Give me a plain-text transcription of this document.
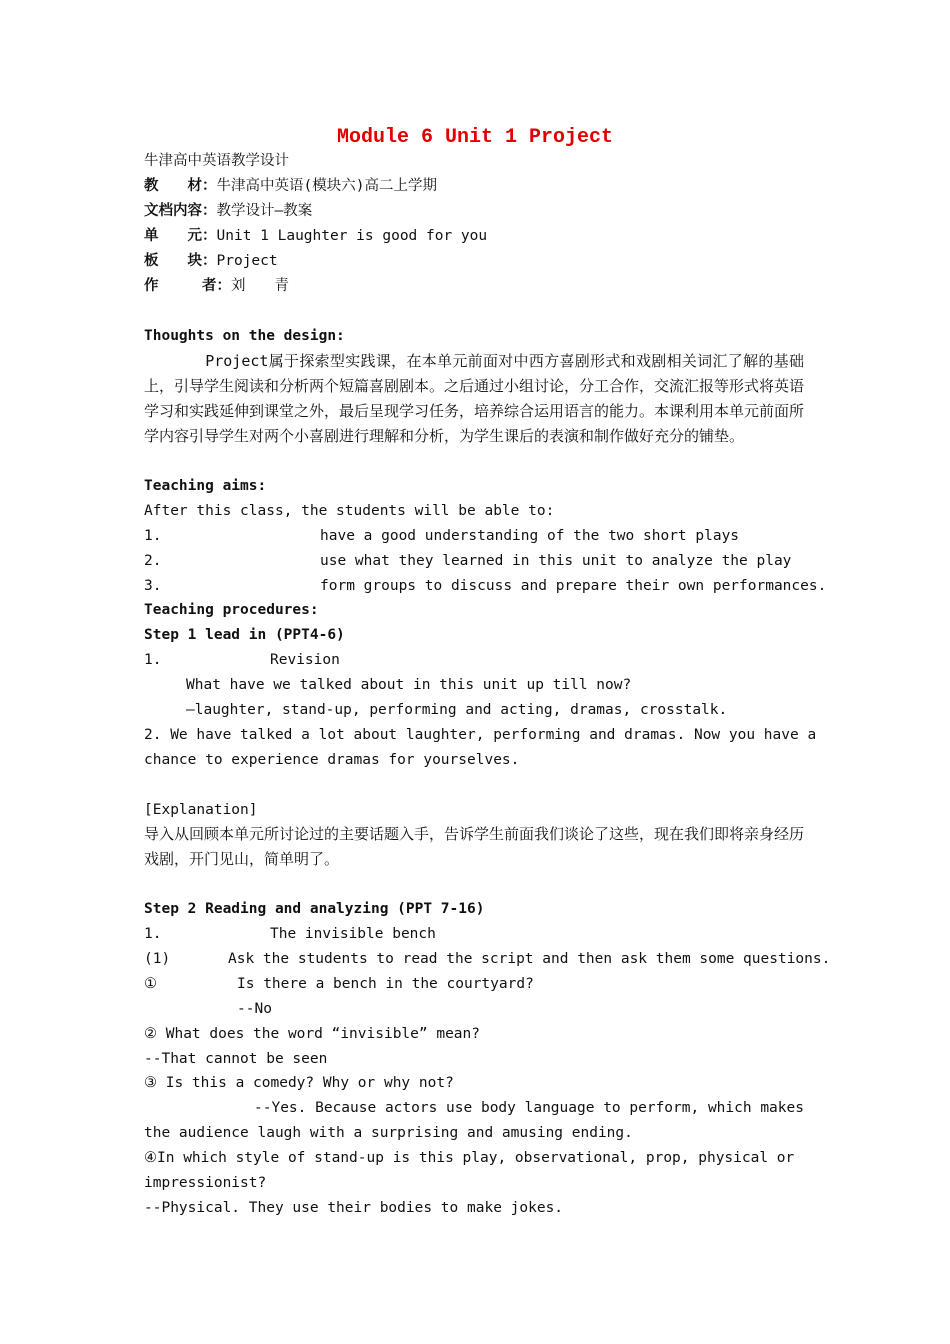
Module 6 Unit 1 Project
牛津高中英语教学设计
教　　材：牛津高中英语(模块六)高二上学期
文档内容：教学设计—教案
单　　元：Unit 1 Laughter is good for you
板　　块：Project
作　　　者：刘　　青
Thoughts on the design:
　　　　Project属于探索型实践课，在本单元前面对中西方喜剧形式和戏剧相关词汇了解的基础上，引导学生阅读和分析两个短篇喜剧剧本。之后通过小组讨论，分工合作，交流汇报等形式将英语学习和实践延伸到课堂之外，最后呈现学习任务，培养综合运用语言的能力。本课利用本单元前面所学内容引导学生对两个小喜剧进行理解和分析，为学生课后的表演和制作做好充分的铺垫。
Teaching aims:
After this class, the students will be able to:
1.	have a good understanding of the two short plays
2.	use what they learned in this unit to analyze the play
3.	form groups to discuss and prepare their own performances.
Teaching procedures:
Step 1 lead in (PPT4-6)
1.	Revision
What have we talked about in this unit up till now?
—laughter, stand-up, performing and acting, dramas, crosstalk.
2. We have talked a lot about laughter, performing and dramas. Now you have a
chance to experience dramas for yourselves.
[Explanation]
导入从回顾本单元所讨论过的主要话题入手，告诉学生前面我们谈论了这些，现在我们即将亲身经历戏剧，开门见山，简单明了。
Step 2 Reading and analyzing (PPT 7-16)
1.	The invisible bench
(1)	Ask the students to read the script and then ask them some questions.
①	Is there a bench in the courtyard?
--No
② What does the word “invisible” mean?
--That cannot be seen
③ Is this a comedy? Why or why not?
--Yes. Because actors use body language to perform, which makes
the audience laugh with a surprising and amusing ending.
④In which style of stand-up is this play, observational, prop, physical or
impressionist?
--Physical. They use their bodies to make jokes.
